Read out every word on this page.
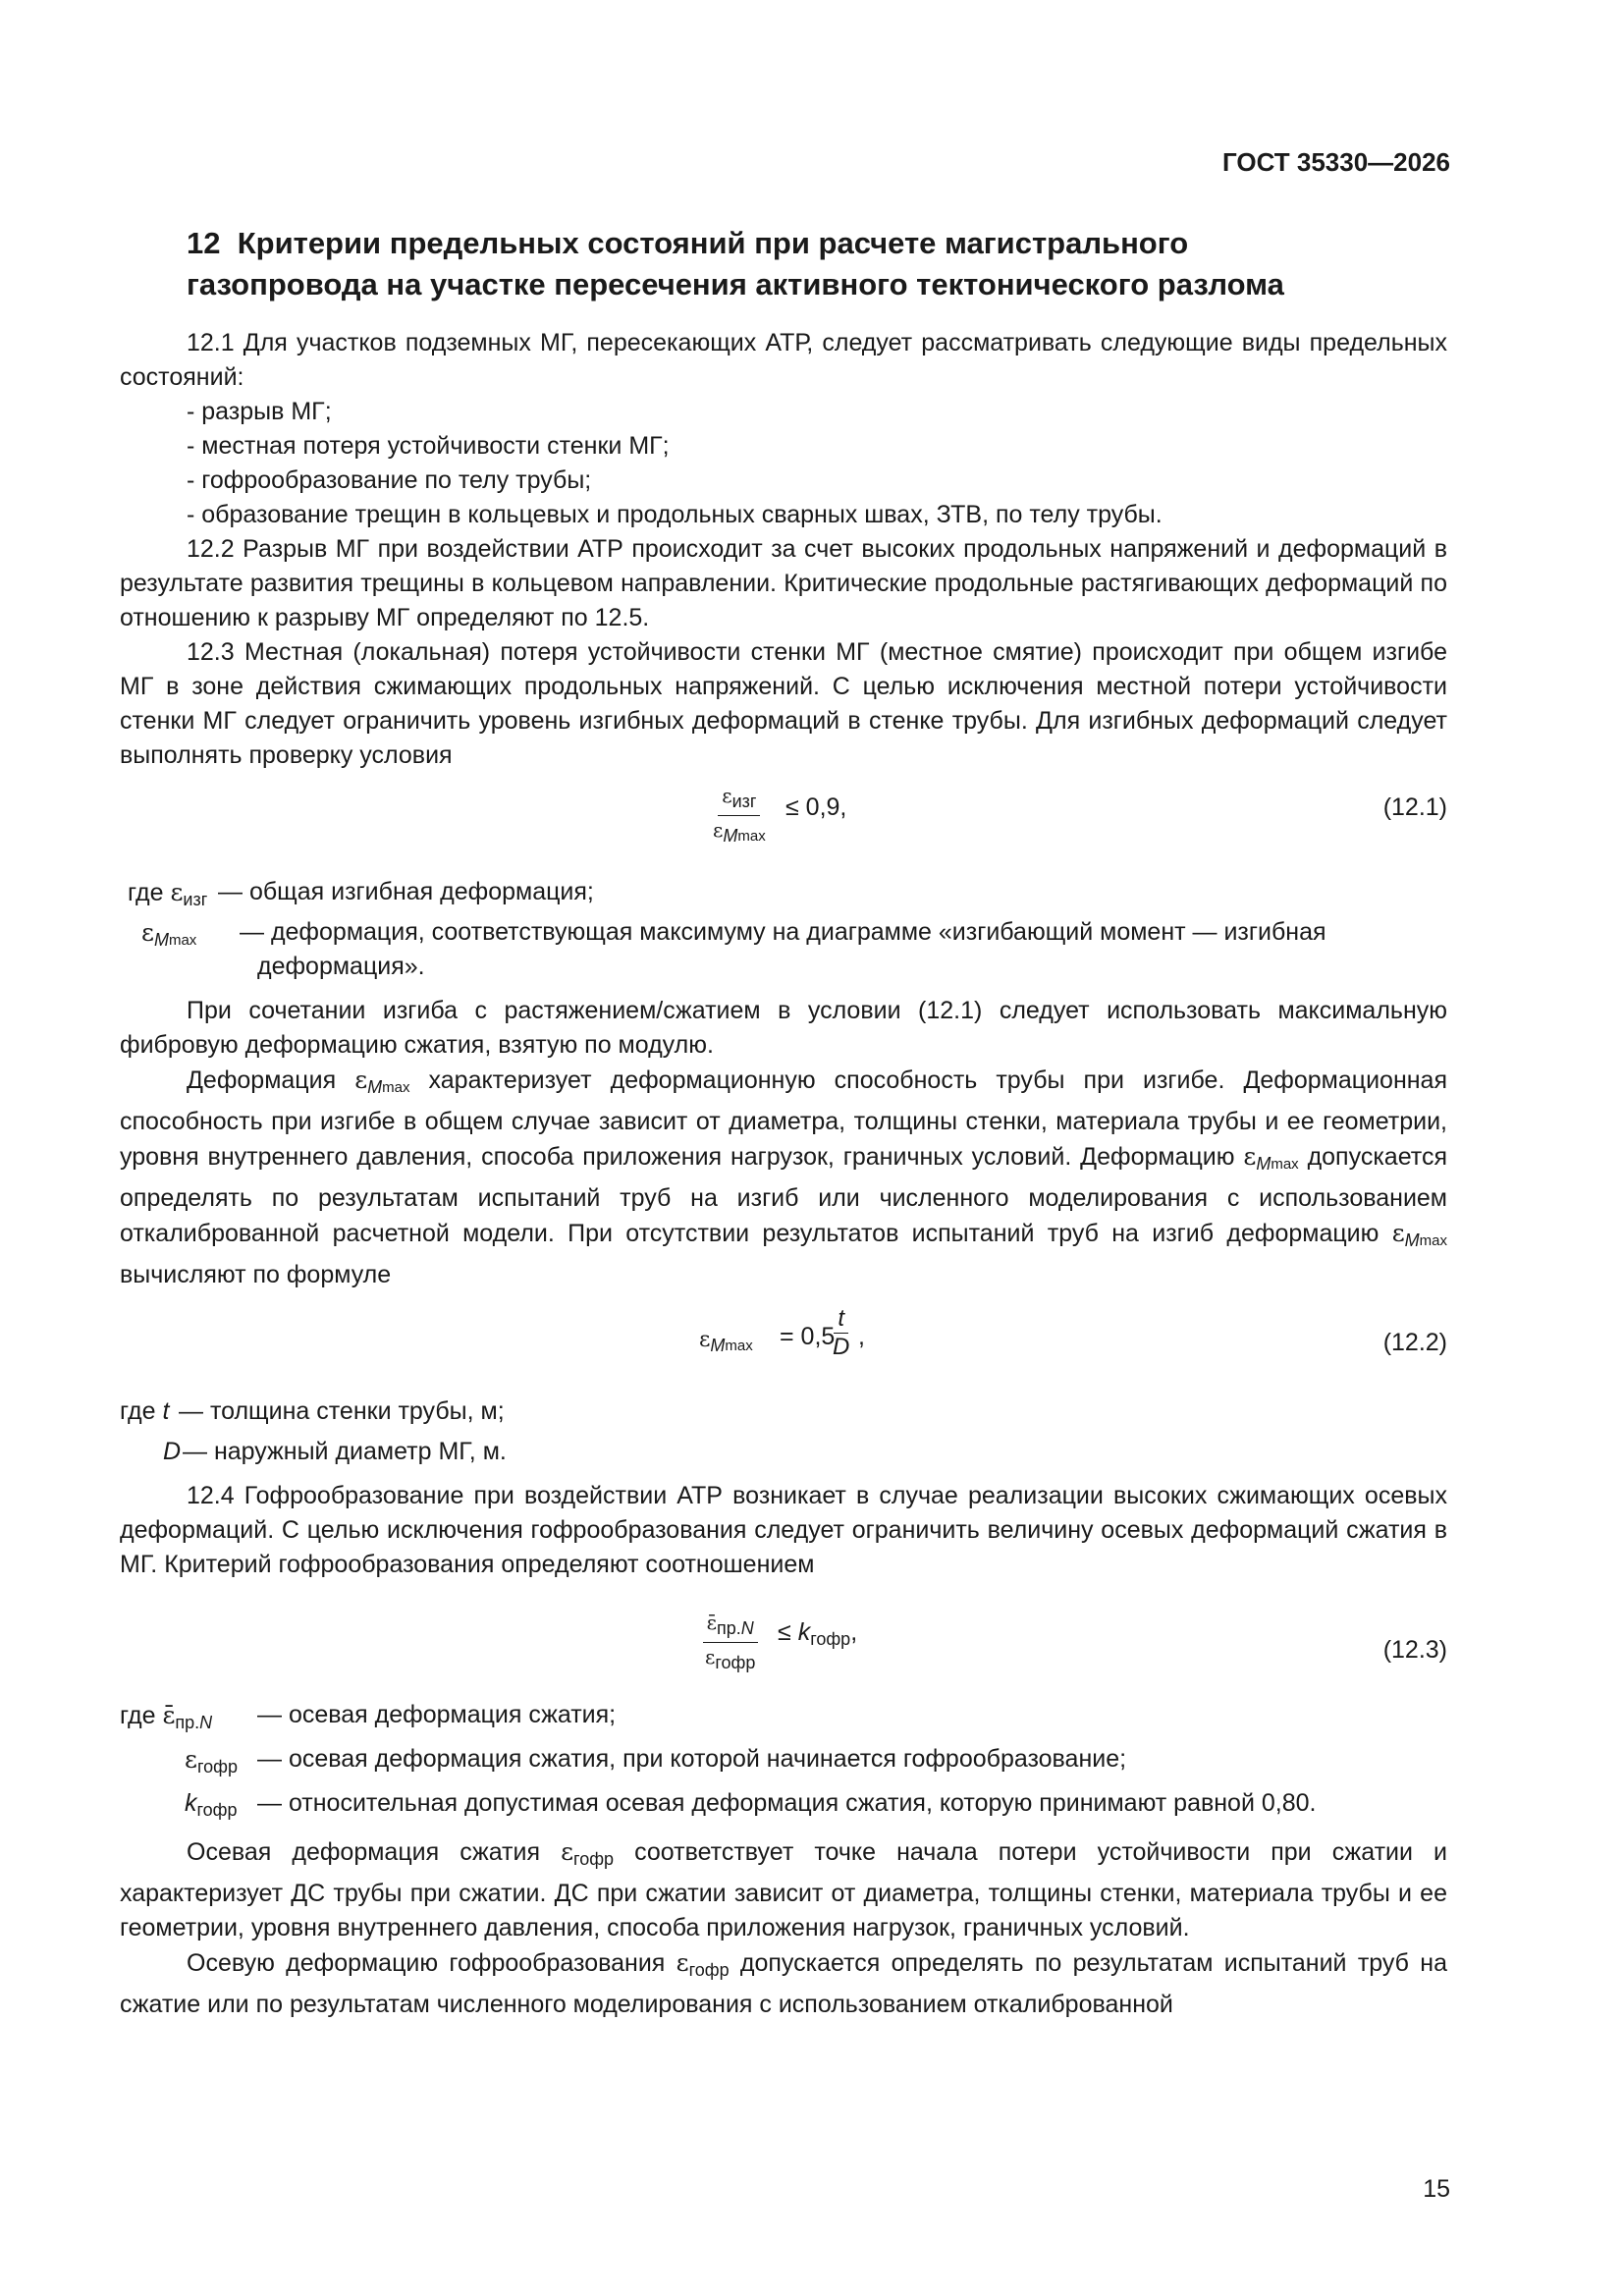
ГОСТ 35330—2026
12 Критерии предельных состояний при расчете магистрального
газопровода на участке пересечения активного тектонического разлома

12.1 Для участков подземных МГ, пересекающих АТР, следует рассматривать следующие виды предельных состояний:

- разрыв МГ;

- местная потеря устойчивости стенки МГ;

- гофрообразование по телу трубы;

- образование трещин в кольцевых и продольных сварных швах, ЗТВ, по телу трубы.

12.2 Разрыв МГ при воздействии АТР происходит за счет высоких продольных напряжений и деформаций в результате развития трещины в кольцевом направлении. Критические продольные растягивающих деформаций по отношению к разрыву МГ определяют по 12.5.

12.3 Местная (локальная) потеря устойчивости стенки МГ (местное смятие) происходит при общем изгибе МГ в зоне действия сжимающих продольных напряжений. С целью исключения местной потери устойчивости стенки МГ следует ограничить уровень изгибных деформаций в стенке трубы. Для изгибных деформаций следует выполнять проверку условия

εизг
$\varepsilon M_{max}$
≤ 0,9,	(12.1)
где $\varepsilon_{изг}$ — общая изгибная деформация;
$\varepsilon_M\max$	— деформация, соответствующая максимуму на диаграмме «изгибающий момент — изгибная деформация».

При сочетании изгиба с растяжением/сжатием в условии (12.1) следует использовать максимальную фибровую деформацию сжатия, взятую по модулю.

Деформация $\varepsilon_M\max$ характеризует деформационную способность трубы при изгибе. Деформационная способность при изгибе в общем случае зависит от диаметра, толщины стенки, материала трубы и ее геометрии, уровня внутреннего давления, способа приложения нагрузок, граничных условий. Деформацию $\varepsilon_M\max$ допускается определять по результатам испытаний труб на изгиб или численного моделирования с использованием откалиброванной расчетной модели. При отсутствии результатов испытаний труб на изгиб деформацию $\varepsilon_M\max$ вычисляют по формуле

$\varepsilon_M\max = 0,5$
$\frac{t}{D}$ ,	(12.2)
где t — толщина стенки трубы, м;
D — наружный диаметр МГ, м.

12.4 Гофрообразование при воздействии АТР возникает в случае реализации высоких сжимающих осевых деформаций. С целью исключения гофрообразования следует ограничить величину осевых деформаций сжатия в МГ. Критерий гофрообразования определяют соотношением

ε̄пр.N
εгофр
≤ $k_{гофр}$,
(12.3)
где $\varepsilon̄_{пр.N}$	— осевая деформация сжатия;
$\varepsilon_{гофр}$ — осевая деформация сжатия, при которой начинается гофрообразование;
$k_{гофр}$ — относительная допустимая осевая деформация сжатия, которую принимают равной 0,80.

Осевая деформация сжатия $\varepsilon_{гофр}$ соответствует точке начала потери устойчивости при сжатии и характеризует ДС трубы при сжатии. ДС при сжатии зависит от диаметра, толщины стенки, материала трубы и ее геометрии, уровня внутреннего давления, способа приложения нагрузок, граничных условий.

Осевую деформацию гофрообразования $\varepsilon_{гофр}$ допускается определять по результатам испытаний труб на сжатие или по результатам численного моделирования с использованием откалиброванной

15
